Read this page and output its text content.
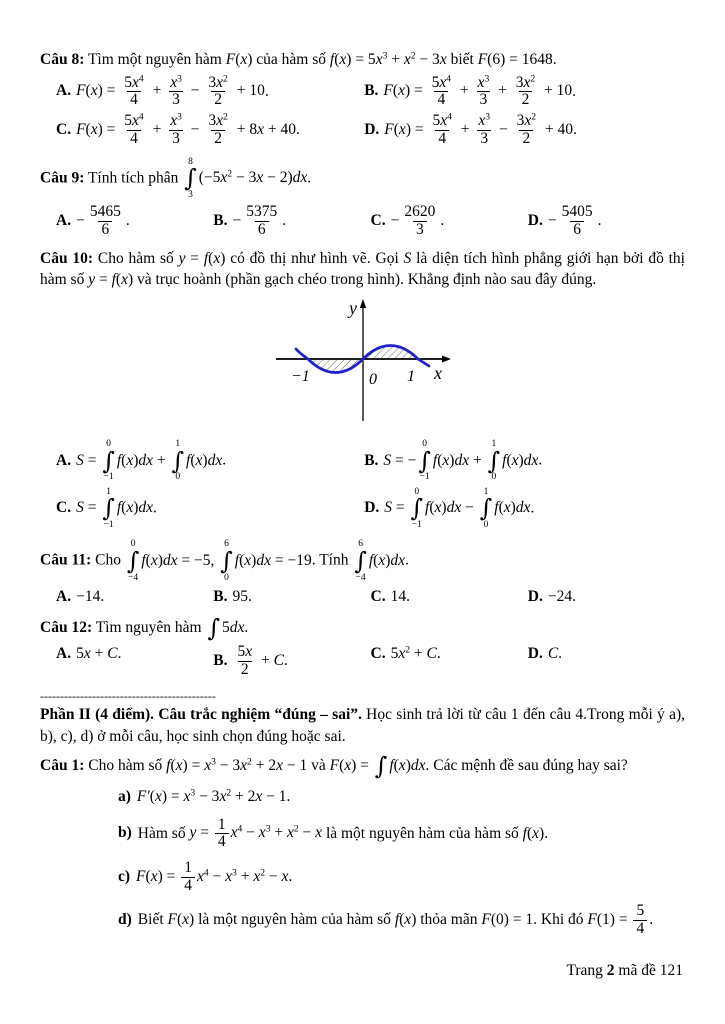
Câu 8: Tìm một nguyên hàm F(x) của hàm số $f(x) = 5x^3 + x^2 - 3x$ biết F(6) = 1648.

A. $F(x) = \frac{5x^4}{4} + \frac{x^3}{3} - \frac{3x^2}{2} + 10$.	B. $F(x) = \frac{5x^4}{4} + \frac{x^3}{3} + \frac{3x^2}{2} + 10$.

C. $F(x) = \frac{5x^4}{4} + \frac{x^3}{3} - \frac{3x^2}{2} + 8x + 40$.	D. $F(x) = \frac{5x^4}{4} + \frac{x^3}{3} - \frac{3x^2}{2} + 40$.

Câu 9: Tính tích phân
8
∫
3
$(-5x^2 - 3x - 2)dx$.

A. − $\frac{5465}{6}$ .	B. − $\frac{5375}{6}$ .	C. − $\frac{2620}{3}$ .	D. − $\frac{5405}{6}$ .

Câu 10: Cho hàm số y = f(x) có đồ thị như hình vẽ. Gọi S là diện tích hình phẳng giới hạn bởi đồ thị hàm số y = f(x) và trục hoành (phần gạch chéo trong hình). Khẳng định nào sau đây đúng.

y
x
−1	0 1

A. S =
0
∫
−1
f(x)dx +
1
∫
0
f(x)dx.	B. S = −
0
∫
−1
f(x)dx +
1
∫
0
f(x)dx.

C. S =
1
∫
−1
f(x)dx.	D. S =
0
∫
−1
f(x)dx −
1
∫
0
f(x)dx.

Câu 11: Cho
0
∫
−4
f(x)dx = −5,
6
∫
0
f(x)dx = −19. Tính
6
∫
−4
f(x)dx.

A. −14.	B. 95.	C. 14.	D. −24.

Câu 12: Tìm nguyên hàm ∫ 5dx.

A. 5x + C.	B. $\frac{5x}{2} + C$.	C. $5x^2 + C$.	D. C.

--------------------------------------------

Phần II (4 điểm). Câu trắc nghiệm “đúng – sai”. Học sinh trả lời từ câu 1 đến câu 4.Trong mỗi ý a), b), c), d) ở mỗi câu, học sinh chọn đúng hoặc sai.

Câu 1: Cho hàm số $f(x) = x^3 - 3x^2 + 2x - 1$ và F(x) = ∫ f(x)dx. Các mệnh đề sau đúng hay sai?

a) $F'(x) = x^3 - 3x^2 + 2x - 1$.

b) Hàm số $y = \frac{1}{4} x^4 - x^3 + x^2 - x$ là một nguyên hàm của hàm số f(x).

c) $F(x) = \frac{1}{4} x^4 - x^3 + x^2 - x$.

d) Biết F(x) là một nguyên hàm của hàm số f(x) thỏa mãn F(0) = 1. Khi đó $F(1) = \frac{5}{4}$ .

Trang 2 mã đề 121
